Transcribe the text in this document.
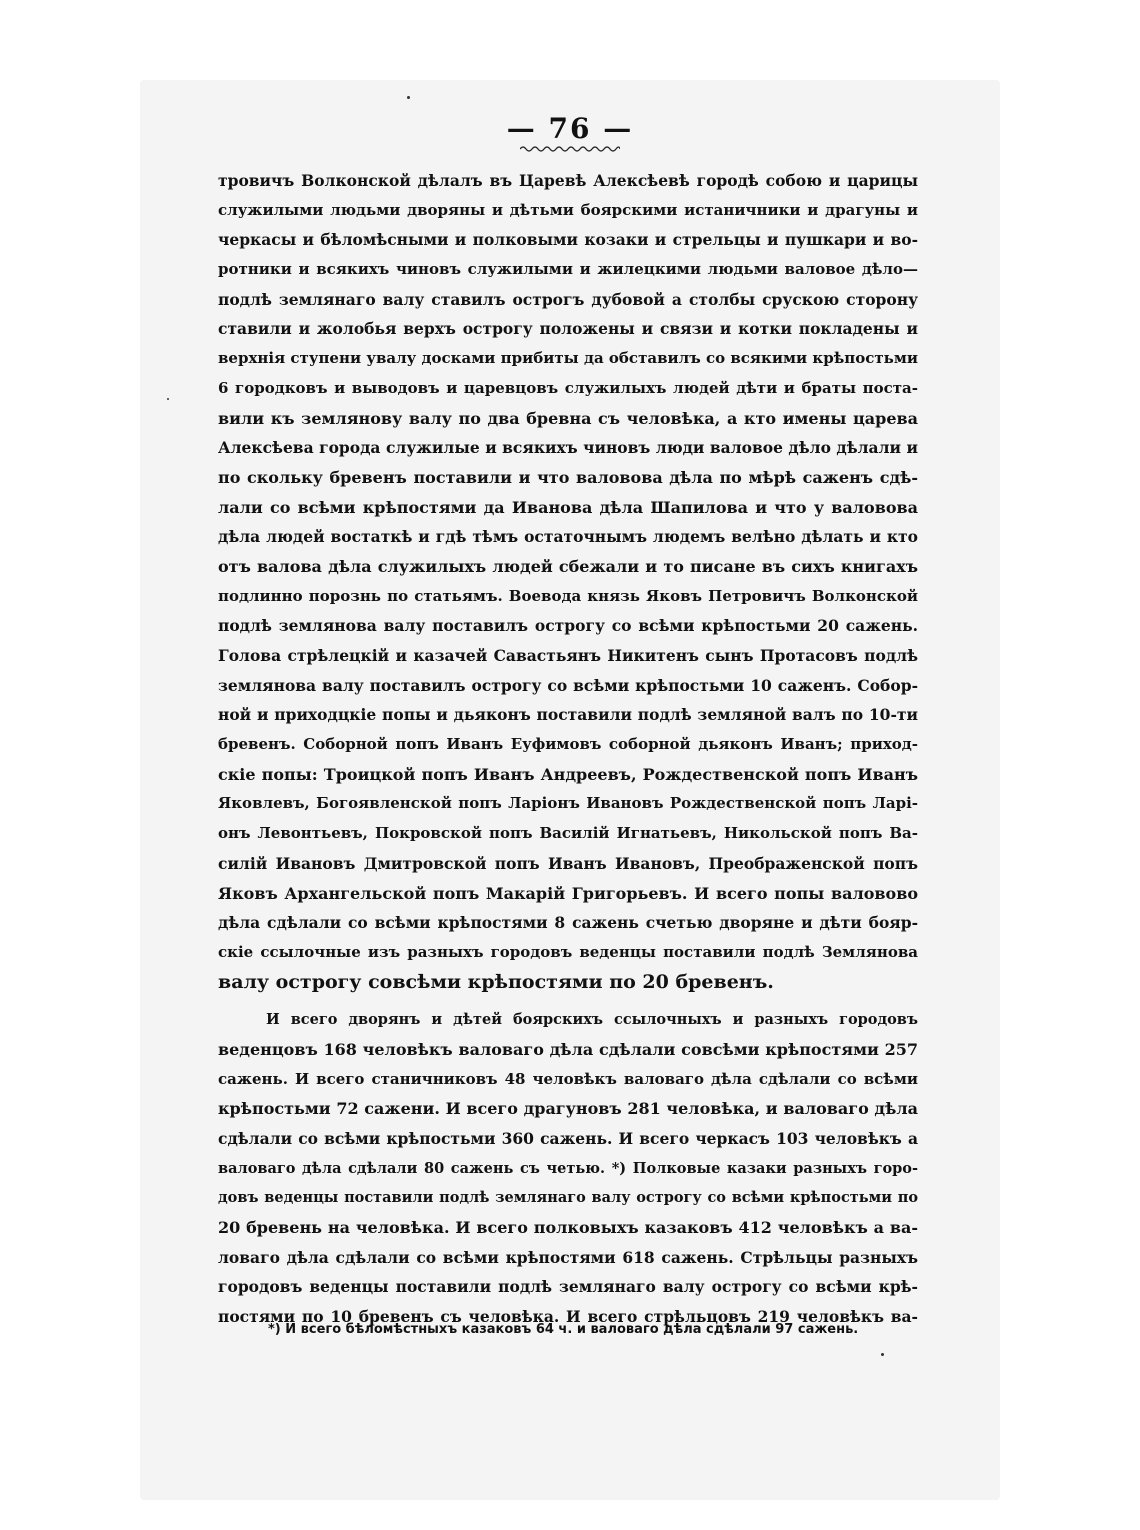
— 76 —
тровичъ Волконской дѣлалъ въ Царевѣ Алексѣевѣ городѣ собою и царицы
служилыми людьми дворяны и дѣтьми боярскими истаничники и драгуны и
черкасы и бѣломѣсными и полковыми козаки и стрельцы и пушкари и во-
ротники и всякихъ чиновъ служилыми и жилецкими людьми валовое дѣло—
подлѣ землянаго валу ставилъ острогъ дубовой а столбы срускою сторону
ставили и жолобья верхъ острогу положены и связи и котки поклaдены и
верхнія ступени увалу досками прибиты да обставилъ со всякими крѣпостьми
6 городковъ и выводовъ и царевцовъ служилыхъ людей дѣти и браты поста-
вили къ землянову валу по два бревна съ человѣка, а кто имены царева
Алексѣева города служилые и всякихъ чиновъ люди валовое дѣло дѣлали и
по скольку бревенъ поставили и что валовова дѣла по мѣрѣ саженъ сдѣ-
лали со всѣми крѣпостями да Иванова дѣла Шапилова и что у валовова
дѣла людей востаткѣ и гдѣ тѣмъ остаточнымъ людемъ велѣно дѣлать и кто
отъ валова дѣла служилыхъ людей сбежали и то писане въ сихъ книгахъ
подлинно порознь по статьямъ. Воевода князь Яковъ Петровичъ Волконской
подлѣ землянова валу поставилъ острогу со всѣми крѣпостьми 20 сажень.
Голова стрѣлецкій и казачей Савастьянъ Никитенъ сынъ Протасовъ подлѣ
землянова валу поставилъ острогу со всѣми крѣпостьми 10 саженъ. Собор-
ной и приходцкіе попы и дьяконъ поставили подлѣ земляной валъ по 10-ти
бревенъ. Соборной попъ Иванъ Еуфимовъ соборной дьяконъ Иванъ; приход-
скіе попы: Троицкой попъ Иванъ Андреевъ, Рождественской попъ Иванъ
Яковлевъ, Богоявленской попъ Ларіонъ Ивановъ Рождественской попъ Ларі-
онъ Левонтьевъ, Покровской попъ Василій Игнатьевъ, Никольской попъ Ва-
силій Ивановъ Дмитровской попъ Иванъ Ивановъ, Преображенской попъ
Яковъ Архангельской попъ Макарій Григорьевъ. И всего попы валовово
дѣла сдѣлали со всѣми крѣпостями 8 сажень счетью дворяне и дѣти бояр-
скіе ссылочные изъ разныхъ городовъ веденцы поставили подлѣ Землянова
валу острогу совсѣми крѣпостями по 20 бревенъ.
И всего дворянъ и дѣтей боярскихъ ссылочныхъ и разныхъ городовъ
веденцовъ 168 человѣкъ валоваго дѣла сдѣлали совсѣми крѣпостями 257
сажень. И всего станичниковъ 48 человѣкъ валоваго дѣла сдѣлали со всѣми
крѣпостьми 72 сажени. И всего драгуновъ 281 человѣка, и валоваго дѣла
сдѣлали со всѣми крѣпостьми 360 сажень. И всего черкасъ 103 человѣкъ а
валоваго дѣла сдѣлали 80 сажень съ четью. *) Полковые казаки разныхъ горо-
довъ веденцы поставили подлѣ землянаго валу острогу со всѣми крѣпостьми по
20 бревень на человѣка. И всего полковыхъ казаковъ 412 человѣкъ а ва-
ловаго дѣла сдѣлали со всѣми крѣпостями 618 сажень. Стрѣльцы разныхъ
городовъ веденцы поставили подлѣ землянаго валу острогу со всѣми крѣ-
постями по 10 бревенъ съ человѣка. И всего стрѣльцовъ 219 человѣкъ ва-
*) И всего бѣломѣстныхъ казаковъ 64 ч. и валоваго дѣла сдѣлали 97 сажень.
